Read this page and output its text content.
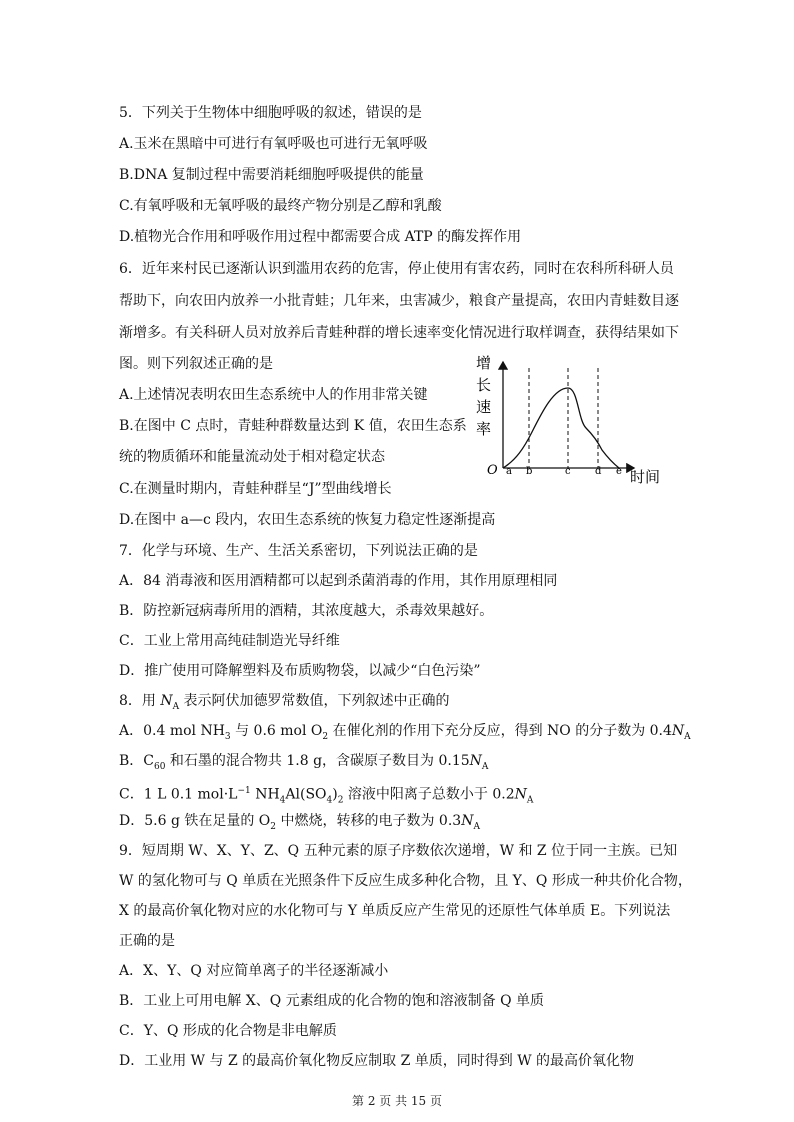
5．下列关于生物体中细胞呼吸的叙述，错误的是
A.玉米在黑暗中可进行有氧呼吸也可进行无氧呼吸
B.DNA 复制过程中需要消耗细胞呼吸提供的能量
C.有氧呼吸和无氧呼吸的最终产物分别是乙醇和乳酸
D.植物光合作用和呼吸作用过程中都需要合成 ATP 的酶发挥作用
6．近年来村民已逐渐认识到滥用农药的危害，停止使用有害农药，同时在农科所科研人员
帮助下，向农田内放养一小批青蛙；几年来，虫害减少，粮食产量提高，农田内青蛙数目逐
渐增多。有关科研人员对放养后青蛙种群的增长速率变化情况进行取样调查，获得结果如下
图。则下列叙述正确的是
A.上述情况表明农田生态系统中人的作用非常关键
B.在图中 C 点时，青蛙种群数量达到 K 值，农田生态系
统的物质循环和能量流动处于相对稳定状态
C.在测量时期内，青蛙种群呈“J”型曲线增长
D.在图中 a—c 段内，农田生态系统的恢复力稳定性逐渐提高
增
长
速
率
O a b	c d e 时间
7．化学与环境、生产、生活关系密切，下列说法正确的是
A．84 消毒液和医用酒精都可以起到杀菌消毒的作用，其作用原理相同
B．防控新冠病毒所用的酒精，其浓度越大，杀毒效果越好。
C．工业上常用高纯硅制造光导纤维
D．推广使用可降解塑料及布质购物袋，以减少“白色污染”
8．用 $N_A$ 表示阿伏加德罗常数值，下列叙述中正确的
A．0.4 mol $NH_3$ 与 0.6 mol $O_2$ 在催化剂的作用下充分反应，得到 NO 的分子数为 $0.4N_A$
B．$C_{60}$ 和石墨的混合物共 1.8 g，含碳原子数目为 $0.15N_A$
C．1 L 0.1 $mol\cdot L^{-1}$ $NH_4Al(SO_4)_2$ 溶液中阳离子总数小于 $0.2N_A$
D．5.6 g 铁在足量的 $O_2$ 中燃烧，转移的电子数为 $0.3N_A$
9．短周期 W、X、Y、Z、Q 五种元素的原子序数依次递增，W 和 Z 位于同一主族。已知
W 的氢化物可与 Q 单质在光照条件下反应生成多种化合物，且 Y、Q 形成一种共价化合物，
X 的最高价氧化物对应的水化物可与 Y 单质反应产生常见的还原性气体单质 E。下列说法
正确的是
A．X、Y、Q 对应简单离子的半径逐渐减小
B．工业上可用电解 X、Q 元素组成的化合物的饱和溶液制备 Q 单质
C．Y、Q 形成的化合物是非电解质
D．工业用 W 与 Z 的最高价氧化物反应制取 Z 单质，同时得到 W 的最高价氧化物
第 2 页 共 15 页
